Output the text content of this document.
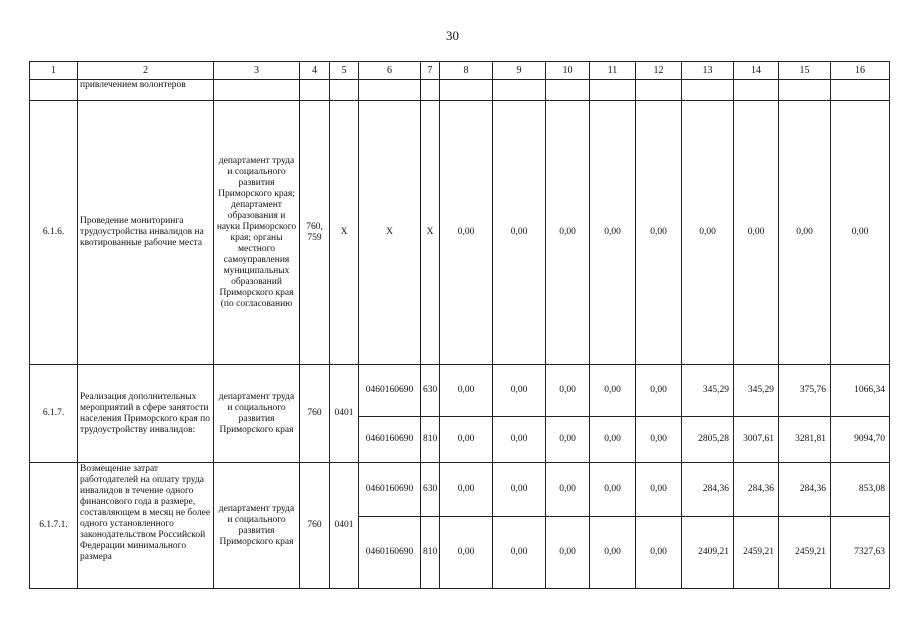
30
1	2	3	4	5	6	7	8	9	10	11	12	13	14	15	16
	привлечением волонтеров														
6.1.6.	Проведение мониторинга трудоустройства инвалидов на квотированные рабочие места	департамент труда и социального развития Приморского края; департамент образования и науки Приморского края; органы местного самоуправления муниципальных образований Приморского края (по согласованию	760, 759	X	X	X	0,00	0,00	0,00	0,00	0,00	0,00	0,00	0,00	0,00
6.1.7.	Реализация дополнительных мероприятий в сфере занятости населения Приморского края по трудоустройству инвалидов:	департамент труда и социального развития Приморского края	760	0401	0460160690	630	0,00	0,00	0,00	0,00	0,00	345,29	345,29	375,76	1066,34
					0460160690	810	0,00	0,00	0,00	0,00	0,00	2805,28	3007,61	3281,81	9094,70
6.1.7.1.	Возмещение затрат работодателей на оплату труда инвалидов в течение одного финансового года в размере, составляющем в месяц не более одного установленного законодательством Российской Федерации минимального размера	департамент труда и социального развития Приморского края	760	0401	0460160690	630	0,00	0,00	0,00	0,00	0,00	284,36	284,36	284,36	853,08
					0460160690	810	0,00	0,00	0,00	0,00	0,00	2409,21	2459,21	2459,21	7327,63
